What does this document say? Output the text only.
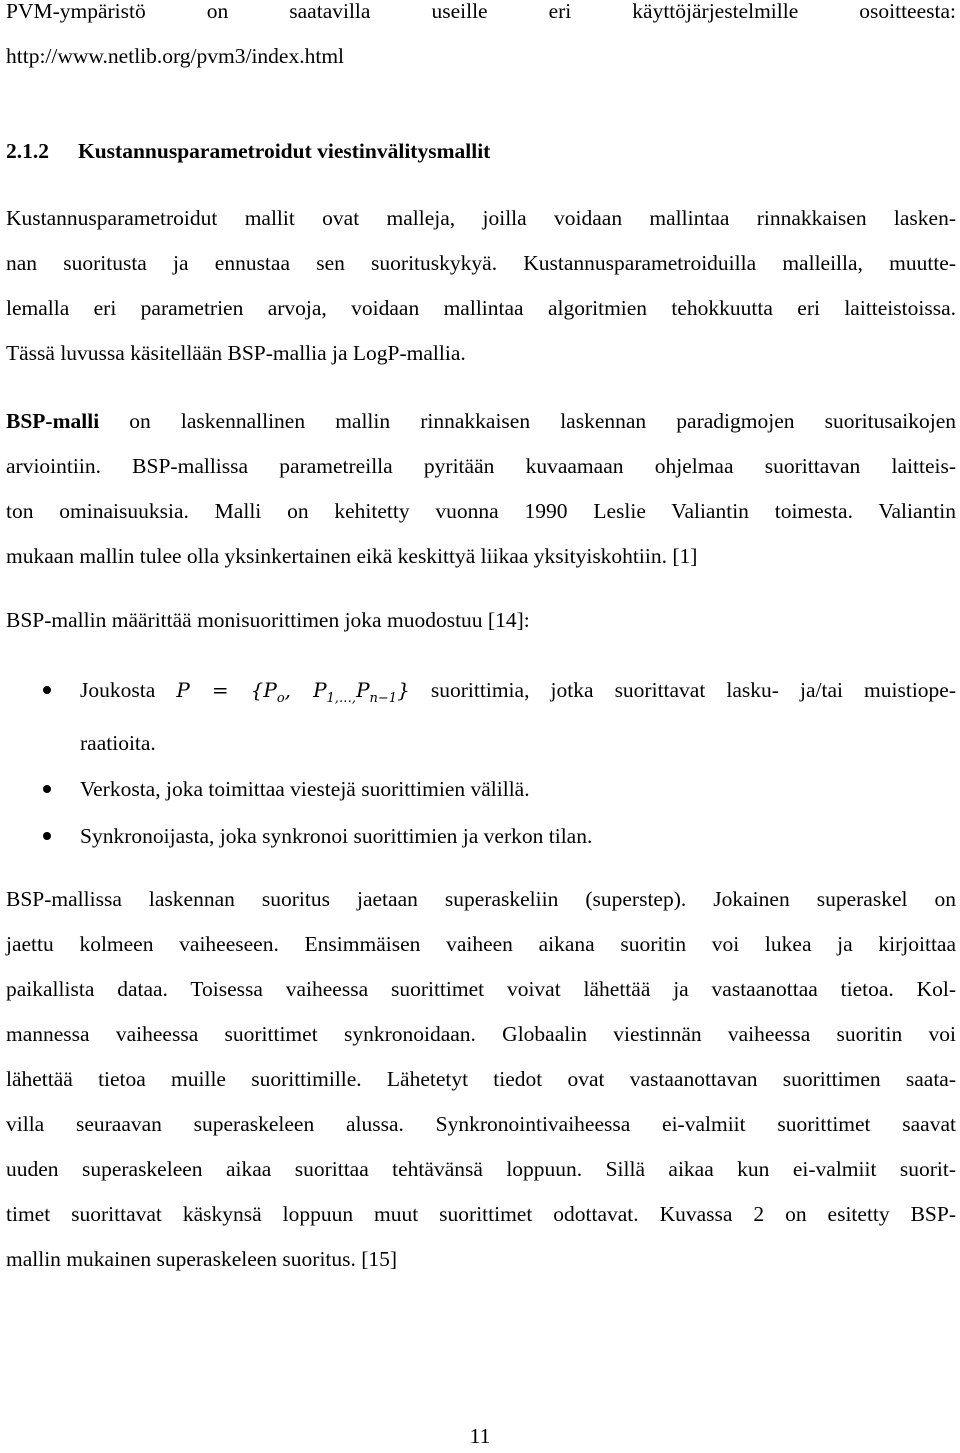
PVM-ympäristö on saatavilla useille eri käyttöjärjestelmille osoitteesta:
http://www.netlib.org/pvm3/index.html
2.1.2 Kustannusparametroidut viestinvälitysmallit
Kustannusparametroidut mallit ovat malleja, joilla voidaan mallintaa rinnakkaisen lasken-
nan suoritusta ja ennustaa sen suorituskykyä. Kustannusparametroiduilla malleilla, muutte-
lemalla eri parametrien arvoja, voidaan mallintaa algoritmien tehokkuutta eri laitteistoissa.
Tässä luvussa käsitellään BSP-mallia ja LogP-mallia.
BSP-malli on laskennallinen mallin rinnakkaisen laskennan paradigmojen suoritusaikojen
arviointiin. BSP-mallissa parametreilla pyritään kuvaamaan ohjelmaa suorittavan laitteis-
ton ominaisuuksia. Malli on kehitetty vuonna 1990 Leslie Valiantin toimesta. Valiantin
mukaan mallin tulee olla yksinkertainen eikä keskittyä liikaa yksityiskohtiin. [1]
BSP-mallin määrittää monisuorittimen joka muodostuu [14]:
Joukosta $P = \{P_o$, $P_{1,\dots,}P_{n-1}$} suorittimia, jotka suorittavat lasku- ja/tai muistiope-
raatioita.
Verkosta, joka toimittaa viestejä suorittimien välillä.
Synkronoijasta, joka synkronoi suorittimien ja verkon tilan.
BSP-mallissa laskennan suoritus jaetaan superaskeliin (superstep). Jokainen superaskel on
jaettu kolmeen vaiheeseen. Ensimmäisen vaiheen aikana suoritin voi lukea ja kirjoittaa
paikallista dataa. Toisessa vaiheessa suorittimet voivat lähettää ja vastaanottaa tietoa. Kol-
mannessa vaiheessa suorittimet synkronoidaan. Globaalin viestinnän vaiheessa suoritin voi
lähettää tietoa muille suorittimille. Lähetetyt tiedot ovat vastaanottavan suorittimen saata-
villa seuraavan superaskeleen alussa. Synkronointivaiheessa ei-valmiit suorittimet saavat
uuden superaskeleen aikaa suorittaa tehtävänsä loppuun. Sillä aikaa kun ei-valmiit suorit-
timet suorittavat käskynsä loppuun muut suorittimet odottavat. Kuvassa 2 on esitetty BSP-
mallin mukainen superaskeleen suoritus. [15]
11
